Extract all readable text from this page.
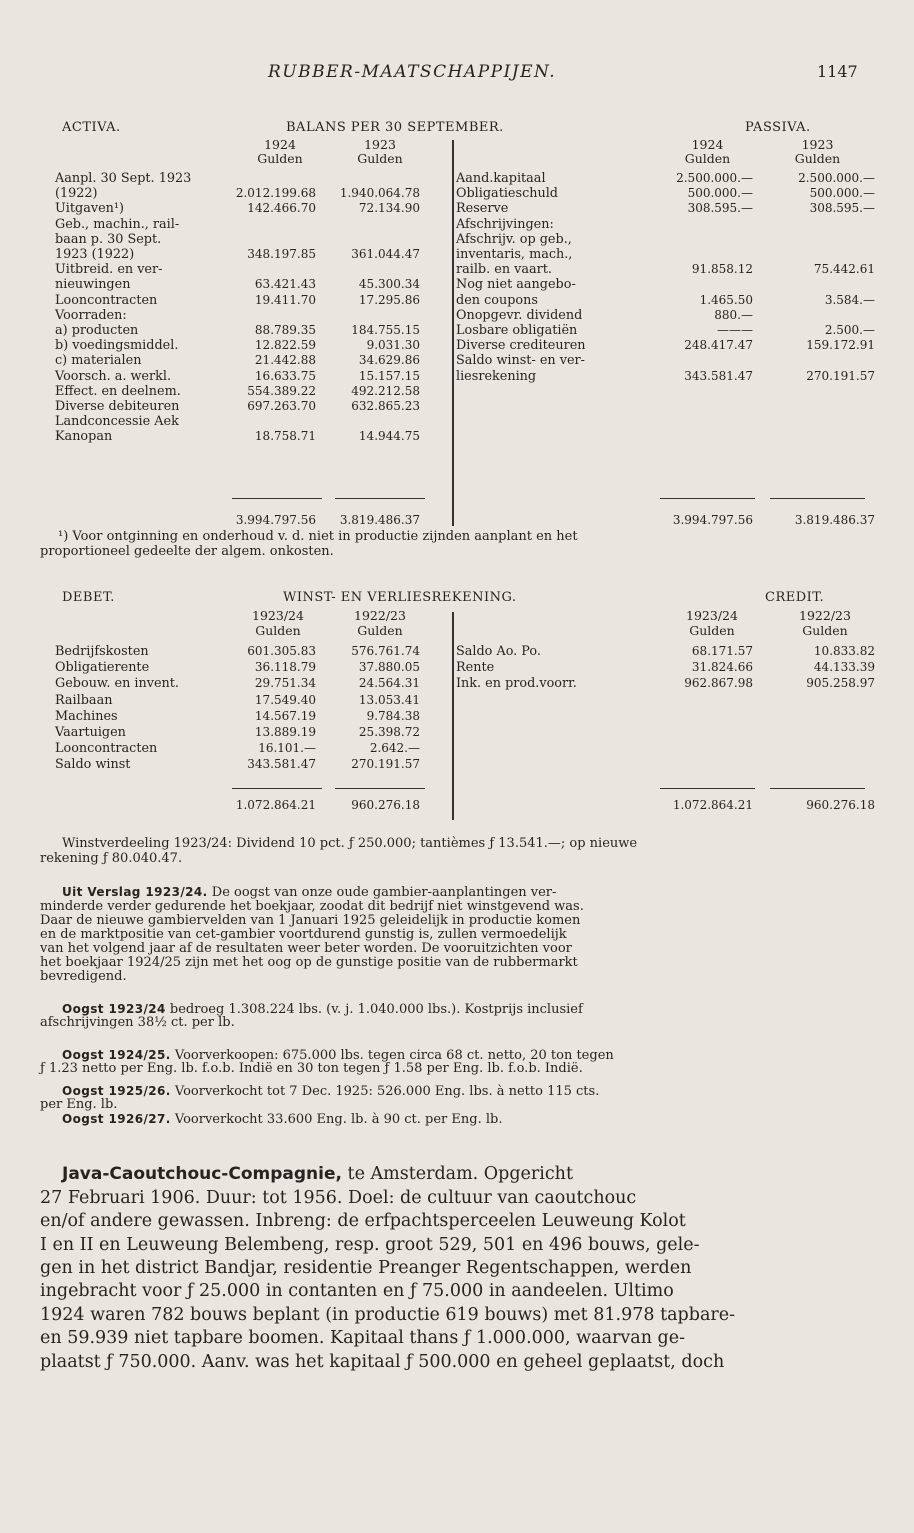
RUBBER-MAATSCHAPPIJEN.	1147
ACTIVA.	BALANS PER 30 SEPTEMBER.	PASSIVA.
1924	1923
Gulden	Gulden
1924	1923
Gulden	Gulden
Aanpl. 30 Sept. 1923
(1922)	2.012.199.68	1.940.064.78
Uitgaven¹)	142.466.70	72.134.90
Geb., machin., rail-
baan p. 30 Sept.
1923 (1922)	348.197.85	361.044.47
Uitbreid. en ver-
nieuwingen	63.421.43	45.300.34
Looncontracten	19.411.70	17.295.86
Voorraden:
a) producten	88.789.35	184.755.15
b) voedingsmiddel.	12.822.59	9.031.30
c) materialen	21.442.88	34.629.86
Voorsch. a. werkl.	16.633.75	15.157.15
Effect. en deelnem.	554.389.22	492.212.58
Diverse debiteuren	697.263.70	632.865.23
Landconcessie Aek
Kanopan	18.758.71	14.944.75
Aand.kapitaal	2.500.000.—	2.500.000.—
Obligatieschuld	500.000.—	500.000.—
Reserve	308.595.—	308.595.—
Afschrijvingen:
Afschrijv. op geb.,
inventaris, mach.,
railb. en vaart.	91.858.12	75.442.61
Nog niet aangebo-
den coupons	1.465.50	3.584.—
Onopgevr. dividend	880.—
Losbare obligatiën	———	2.500.—
Diverse crediteuren	248.417.47	159.172.91
Saldo winst- en ver-
liesrekening	343.581.47	270.191.57
3.994.797.56	3.819.486.37	3.994.797.56	3.819.486.37
¹) Voor ontginning en onderhoud v. d. niet in productie zijnden aanplant en het
proportioneel gedeelte der algem. onkosten.
DEBET.	WINST- EN VERLIESREKENING.	CREDIT.
1923/24	1922/23
Gulden	Gulden
1923/24	1922/23
Gulden	Gulden
Bedrijfskosten	601.305.83	576.761.74
Obligatierente	36.118.79	37.880.05
Gebouw. en invent.	29.751.34	24.564.31
Railbaan	17.549.40	13.053.41
Machines	14.567.19	9.784.38
Vaartuigen	13.889.19	25.398.72
Looncontracten	16.101.—	2.642.—
Saldo winst	343.581.47	270.191.57
Saldo Ao. Po.	68.171.57	10.833.82
Rente	31.824.66	44.133.39
Ink. en prod.voorr.	962.867.98	905.258.97
1.072.864.21	960.276.18	1.072.864.21	960.276.18
Winstverdeeling 1923/24: Dividend 10 pct. ƒ 250.000; tantièmes ƒ 13.541.—; op nieuwe
rekening ƒ 80.040.47.
Uit Verslag 1923/24. De oogst van onze oude gambier-aanplantingen ver-
minderde verder gedurende het boekjaar, zoodat dit bedrijf niet winstgevend was.
Daar de nieuwe gambiervelden van 1 Januari 1925 geleidelijk in productie komen
en de marktpositie van cet-gambier voortdurend gunstig is, zullen vermoedelijk
van het volgend jaar af de resultaten weer beter worden. De vooruitzichten voor
het boekjaar 1924/25 zijn met het oog op de gunstige positie van de rubbermarkt
bevredigend.
Oogst 1923/24 bedroeg 1.308.224 lbs. (v. j. 1.040.000 lbs.). Kostprijs inclusief
afschrijvingen 38½ ct. per lb.
Oogst 1924/25. Voorverkoopen: 675.000 lbs. tegen circa 68 ct. netto, 20 ton tegen
ƒ 1.23 netto per Eng. lb. f.o.b. Indië en 30 ton tegen ƒ 1.58 per Eng. lb. f.o.b. Indië.
Oogst 1925/26. Voorverkocht tot 7 Dec. 1925: 526.000 Eng. lbs. à netto 115 cts.
per Eng. lb.
Oogst 1926/27. Voorverkocht 33.600 Eng. lb. à 90 ct. per Eng. lb.
Java-Caoutchouc-Compagnie, te Amsterdam. Opgericht
27 Februari 1906. Duur: tot 1956. Doel: de cultuur van caoutchouc
en/of andere gewassen. Inbreng: de erfpachtsperceelen Leuweung Kolot
I en II en Leuweung Belembeng, resp. groot 529, 501 en 496 bouws, gele-
gen in het district Bandjar, residentie Preanger Regentschappen, werden
ingebracht voor ƒ 25.000 in contanten en ƒ 75.000 in aandeelen. Ultimo
1924 waren 782 bouws beplant (in productie 619 bouws) met 81.978 tapbare-
en 59.939 niet tapbare boomen. Kapitaal thans ƒ 1.000.000, waarvan ge-
plaatst ƒ 750.000. Aanv. was het kapitaal ƒ 500.000 en geheel geplaatst, doch
